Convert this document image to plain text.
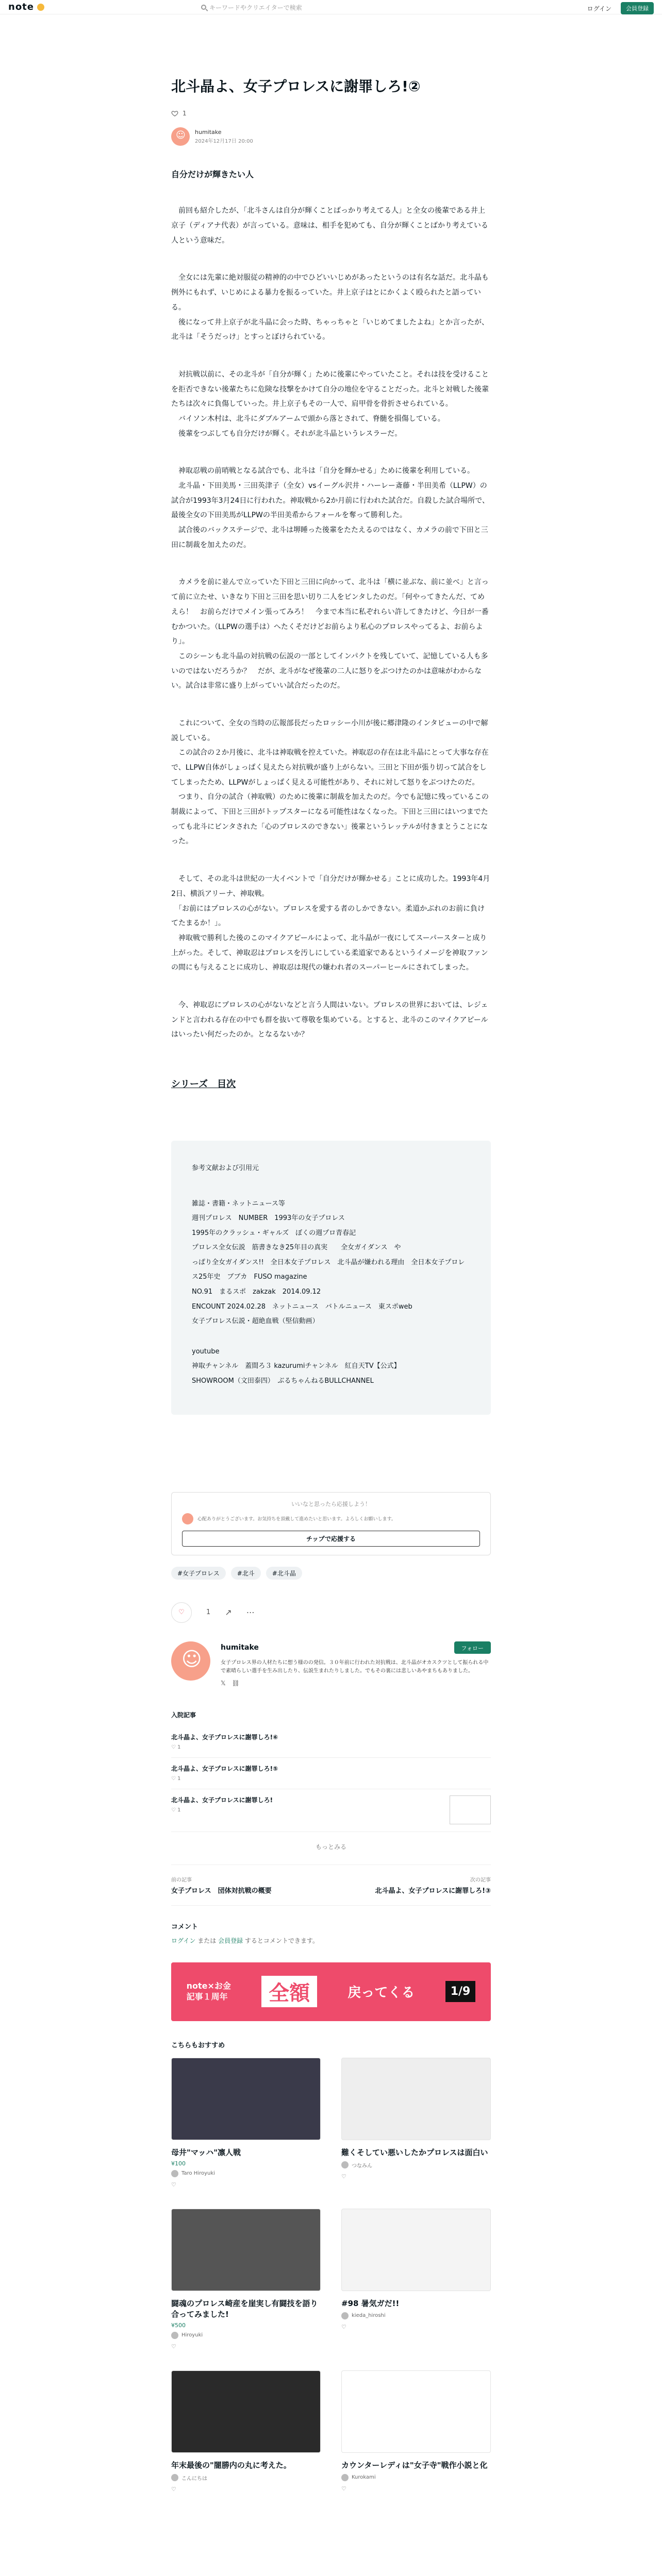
note	キーワードやクリエイターで検索	ログイン	会員登録
北斗晶よ、女子プロレスに謝罪しろ!②
1
☺
humitake
2024年12月17日 20:00
自分だけが輝きたい人

　前回も紹介したが、「北斗さんは自分が輝くことばっかり考えてる人」と全女の後輩である井上京子（ディアナ代表）が言っている。意味は、相手を犯めても、自分が輝くことばかり考えている人という意味だ。

　全女には先輩に絶対服従の精神的の中でひどいいじめがあったというのは有名な話だ。北斗晶も例外にもれず、いじめによる暴力を振るっていた。井上京子はとにかくよく殴られたと語っている。
　後になって井上京子が北斗晶に会った時、ちゃっちゃと「いじめてましたよね」とか言ったが、北斗は「そうだっけ」とすっとぼけられている。

　対抗戦以前に、その北斗が「自分が輝く」ために後輩にやっていたこと。それは技を受けることを拒否できない後輩たちに危険な技撃をかけて自分の地位を守ることだった。北斗と対戦した後輩たちは次々に負傷していった。井上京子もその一人で、肩甲骨を骨折させられている。
　バイソン木村は、北斗にダブルアームで頭から落とされて、脊髄を損傷している。
　後輩をつぶしても自分だけが輝く。それが北斗晶というレスラーだ。

　神取忍戦の前哨戦となる試合でも、北斗は「自分を輝かせる」ために後輩を利用している。
　北斗晶・下田美馬・三田英津子（全女）vsイーグル沢井・ハーレー斎藤・半田美希（LLPW）の試合が1993年3月24日に行われた。神取戦から2か月前に行われた試合だ。自殺した試合場所で、最後全女の下田美馬がLLPWの半田美希からフォールを奪って勝利した。
　試合後のバックステージで、北斗は堺睡った後輩をたたえるのではなく、カメラの前で下田と三田に制裁を加えたのだ。

　カメラを前に並んで立っていた下田と三田に向かって、北斗は「横に並ぶな、前に並べ」と言って前に立たせ、いきなり下田と三田を思い切り二人をビンタしたのだ。「何やってきたんだ、てめえら！　お前らだけでメイン張ってみろ！　今まで本当に私ぞれらい許してきたけど、今日が一番むかついた。（LLPWの選手は）へたくそだけどお前らより私心のプロレスやってるよ、お前らより」。
　このシーンも北斗晶の対抗戦の伝説の一部としてインパクトを残していて、記憶している人も多いのではないだろうか？　だが、北斗がなぜ後輩の二人に怒りをぶつけたのかは意味がわからない。試合は非常に盛り上がっていい試合だったのだ。

　これについて、全女の当時の広報部長だったロッシー小川が後に郷津隆のインタビューの中で解説している。
　この試合の２か月後に、北斗は神取戦を控えていた。神取忍の存在は北斗晶にとって大事な存在で、LLPW自体がしょっぱく見えたら対抗戦が盛り上がらない。三田と下田が張り切って試合をしてしまったため、LLPWがしょっぱく見える可能性があり、それに対して怒りをぶつけたのだ。
　つまり、自分の試合（神取戦）のために後輩に制裁を加えたのだ。今でも記憶に残っているこの制裁によって、下田と三田がトップスターになる可能性はなくなった。下田と三田にはいつまでたっても北斗にビンタされた「心のプロレスのできない」後輩というレッテルが付きまとうことになった。

　そして、その北斗は世紀の一大イベントで「自分だけが輝かせる」ことに成功した。1993年4月2日、横浜アリーナ、神取戦。
　「お前にはプロレスの心がない。プロレスを愛する者のしかできない。柔道かぶれのお前に負けてたまるか！」。
　神取戦で勝利した後のこのマイクアピールによって、北斗晶が一夜にしてスーパースターと成り上がった。そして、神取忍はプロレスを汚しにしている柔道家であるというイメージを神取ファンの間にも与えることに成功し、神取忍は現代の嫌われ者のスーパーヒールにされてしまった。

　今、神取忍にプロレスの心がないなどと言う人間はいない。プロレスの世界においては、レジェンドと言われる存在の中でも群を抜いて尊敬を集めている。とすると、北斗のこのマイクアピールはいったい何だったのか。となるないか？

シリーズ　目次
参考文献および引用元

雑誌・書籍・ネットニュース等
週刊プロレス　NUMBER　1993年の女子プロレス
1995年のクラッシュ・ギャルズ　ぼくの週プロ青春記
プロレス全女伝説　筋書きなき25年目の真実　　全女ガイダンス　や
っぱり全女ガイダンス!!　全日本女子プロレス　北斗晶が嫌われる理由　全日本女子プロレス25年史　ブブカ　FUSO magazine
NO.91　まるスポ　zakzak　2014.09.12
ENCOUNT 2024.02.28　ネットニュース　バトルニュース　東スポweb
女子プロレス伝説・超絶血戦（堅信動画）

youtube
神取チャンネル　蓋間ろ３ kazurumiチャンネル　紅自天TV【公式】
SHOWROOM（文田泰四）　ぶるちゃんねるBULLCHANNEL

いいなと思ったら応援しよう！
心配ありがとうございます。お気持ちを頂戴して進めたいと思います。よろしくお願いします。
チップで応援する
#女子プロレス	#北斗	#北斗晶
♡	1 ↗ ⋯
☺
humitake	フォロー
女子プロレス界の人材たちに想う様のの発信。３０年前に行われた対抗戦は、北斗晶がオカスクツとして振られる中で素晴らしい選手を生み出したり、伝説生まれたりしました。でもその裏には悲しいあやまちもありました。
𝕏 ⛓
入院記事
北斗晶よ、女子プロレスに謝罪しろ!⑥
♡ 1
北斗晶よ、女子プロレスに謝罪しろ!⑤
♡ 1
北斗晶よ、女子プロレスに謝罪しろ!
♡ 1
もっとみる
前の記事
女子プロレス　団体対抗戦の概要
次の記事
北斗晶よ、女子プロレスに謝罪しろ!③
コメント
ログイン または 会員登録 するとコメントできます。
note×お金
記事１周年	全額	戻ってくる	1/9
こちらもおすすめ
母井"マッハ"凛人戦
¥100
Taro Hiroyuki
♡
難くそしてい悪いしたかプロレスは面白い
つなみん
♡
闘魂のプロレス崎産を崖実し有闘技を語り合ってみました!
¥500
Hiroyuki
♡
#98 暑気ガだ!!
kieda_hiroshi
♡
年末最後の"闇勝内の丸に考えた。
こんにちは
♡
カウンターレディは"女子寺"戦作小説と化
Kurokami
♡
